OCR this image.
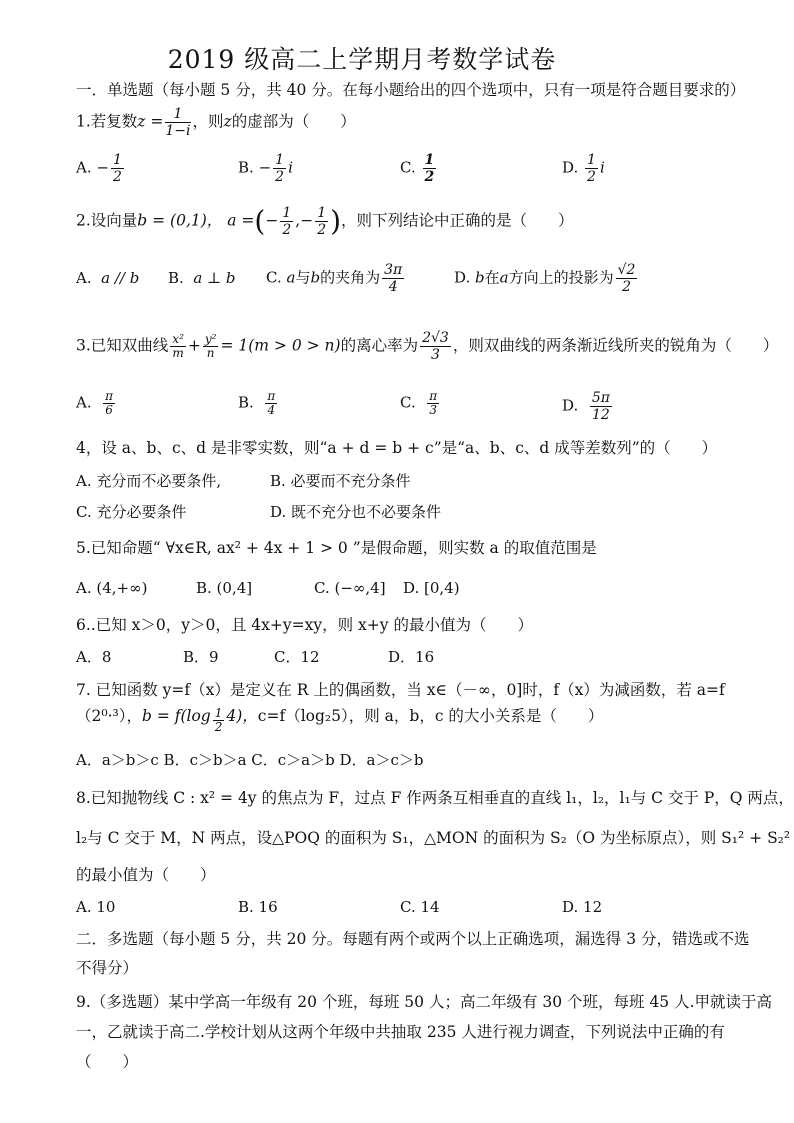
2019 级高二上学期月考数学试卷
一．单选题（每小题 5 分，共 40 分。在每小题给出的四个选项中，只有一项是符合题目要求的）
1.若复数$z = \frac{1}{1-i}$ ，则z的虚部为（　　）
A. − $\frac{1}{2}$	B. − $\frac{1}{2}$ i	C. $\frac{1}{2}$	D. $\frac{1}{2}$ i
2.设向量b = (0,1)， a =(− $\frac{1}{2}$ ,− $\frac{1}{2}$ )，则下列结论中正确的是（　　）
A. a // b B. a ⊥ b C. a与b的夹角为 $\frac{3\pi}{4}$	D. b在a方向上的投影为 $\frac{√2}{2}$
3.已知双曲线 $\frac{\text{x²}}{m} + \frac{\text{y²}}{n} = 1(m > 0 > n)$的离心率为 $\frac{2√3}{3}$ ，则双曲线的两条渐近线所夹的锐角为（　　）
A. $\frac{\pi}{6}$	B. $\frac{\pi}{4}$	C. $\frac{\pi}{3}$	D. $\frac{5\pi}{12}$
4，设 a、b、c、d 是非零实数，则“a + d = b + c”是“a、b、c、d 成等差数列”的（　　）
A. 充分而不必要条件,	B. 必要而不充分条件
C. 充分必要条件	D. 既不充分也不必要条件
5.已知命题“ ∀x∈R, ax² + 4x + 1 > 0 ”是假命题，则实数 a 的取值范围是
A. (4,+∞)	B. (0,4]	C. (−∞,4] D. [0,4)
6..已知 x＞0，y＞0，且 4x+y=xy，则 x+y 的最小值为（　　）
A．8	B．9	C．12	D．16
7. 已知函数 y=f（x）是定义在 R 上的偶函数，当 x∈（－∞，0]时，f（x）为减函数，若 a=f
（2⁰·³），$b = f(\log \frac{1}{2} 4)$，c=f（log₂5），则 a，b，c 的大小关系是（　　）
A．a＞b＞c B．c＞b＞a C．c＞a＞b D．a＞c＞b
8.已知抛物线 C : x² = 4y 的焦点为 F，过点 F 作两条互相垂直的直线 l₁，l₂，l₁与 C 交于 P，Q 两点，
l₂与 C 交于 M，N 两点，设△POQ 的面积为 S₁，△MON 的面积为 S₂（O 为坐标原点），则 S₁² + S₂²
的最小值为（　　）
A. 10	B. 16	C. 14	D. 12
二．多选题（每小题 5 分，共 20 分。每题有两个或两个以上正确选项，漏选得 3 分，错选或不选
不得分）
9.（多选题）某中学高一年级有 20 个班，每班 50 人；高二年级有 30 个班，每班 45 人.甲就读于高
一，乙就读于高二.学校计划从这两个年级中共抽取 235 人进行视力调查，下列说法中正确的有
（　　）
